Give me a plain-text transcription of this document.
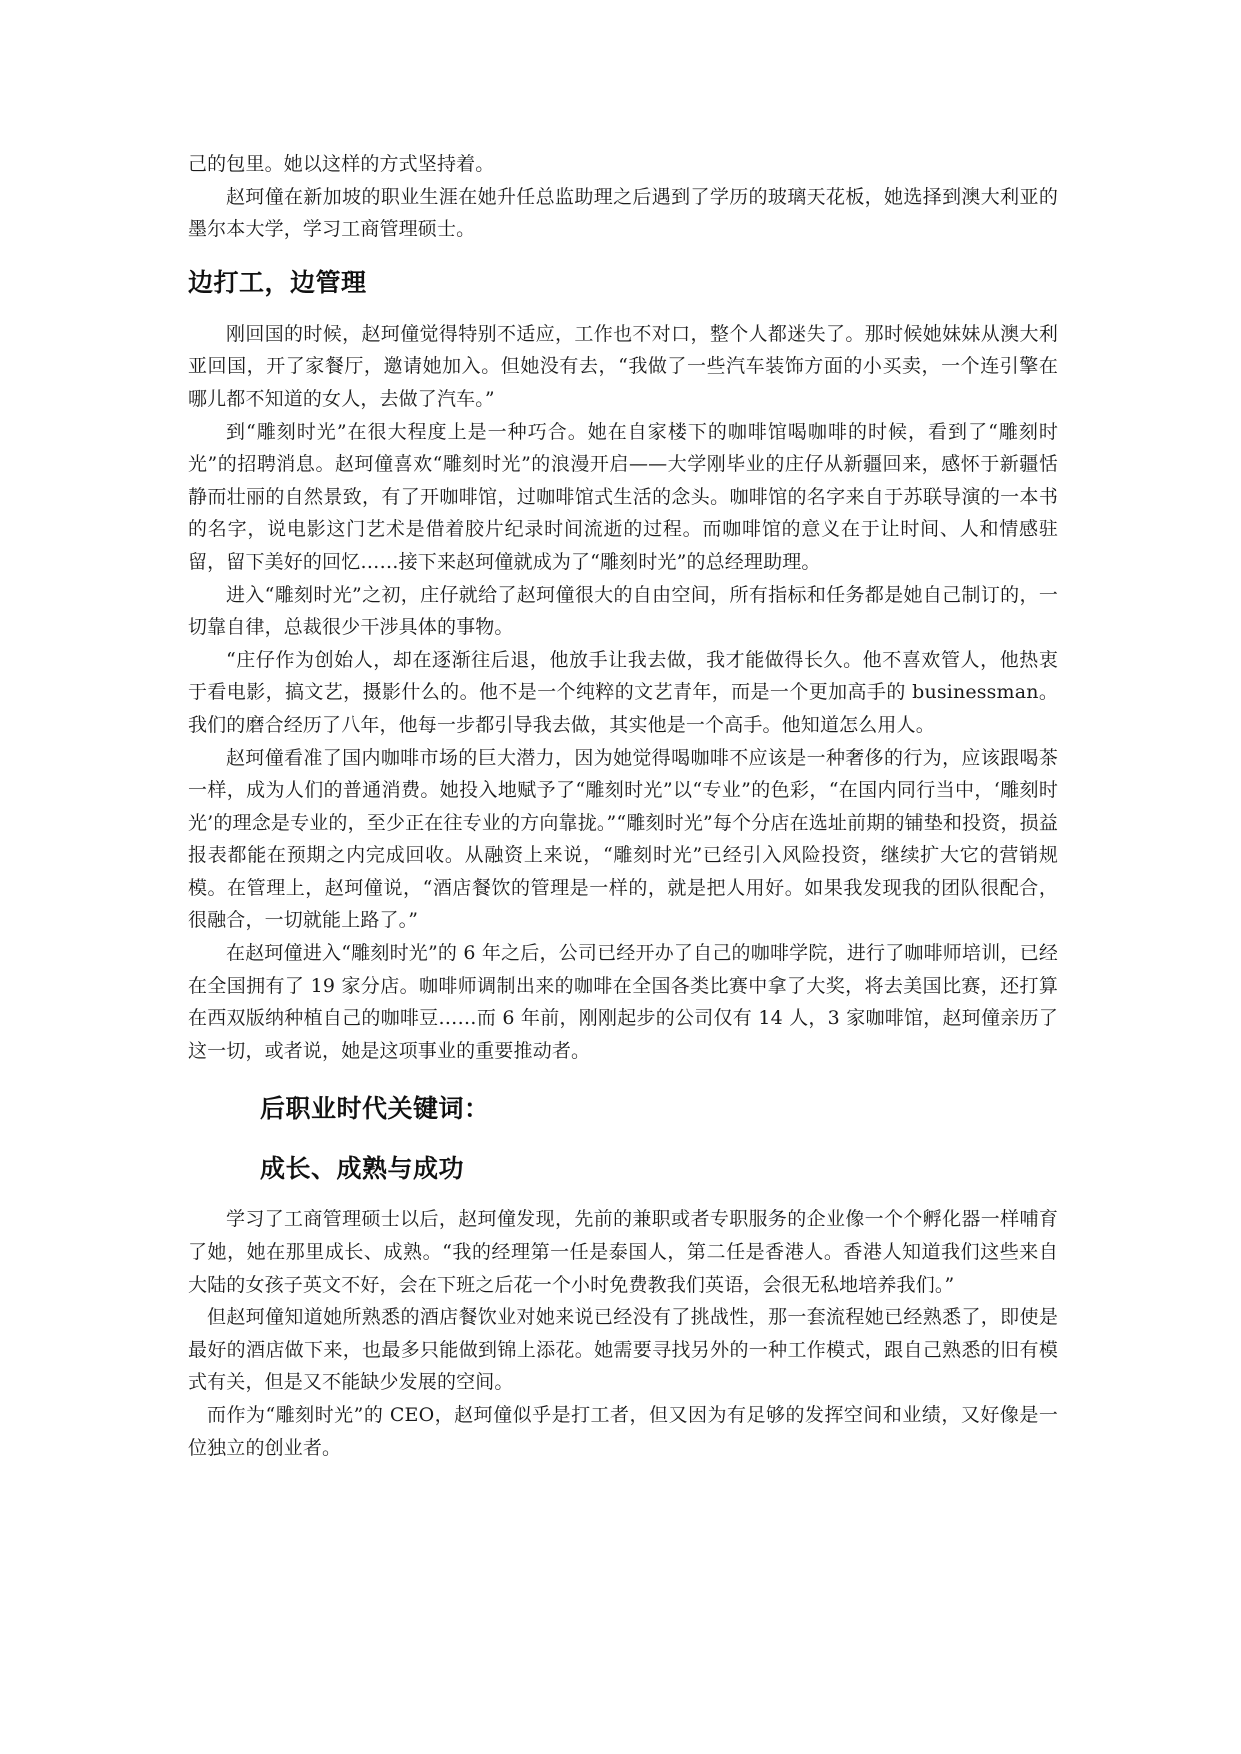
己的包里。她以这样的方式坚持着。

赵珂僮在新加坡的职业生涯在她升任总监助理之后遇到了学历的玻璃天花板，她选择到澳大利亚的墨尔本大学，学习工商管理硕士。

边打工，边管理

刚回国的时候，赵珂僮觉得特别不适应，工作也不对口，整个人都迷失了。那时候她妹妹从澳大利亚回国，开了家餐厅，邀请她加入。但她没有去，“我做了一些汽车装饰方面的小买卖，一个连引擎在哪儿都不知道的女人，去做了汽车。”

到“雕刻时光”在很大程度上是一种巧合。她在自家楼下的咖啡馆喝咖啡的时候，看到了“雕刻时光”的招聘消息。赵珂僮喜欢“雕刻时光”的浪漫开启——大学刚毕业的庄仔从新疆回来，感怀于新疆恬静而壮丽的自然景致，有了开咖啡馆，过咖啡馆式生活的念头。咖啡馆的名字来自于苏联导演的一本书的名字，说电影这门艺术是借着胶片纪录时间流逝的过程。而咖啡馆的意义在于让时间、人和情感驻留，留下美好的回忆……接下来赵珂僮就成为了“雕刻时光”的总经理助理。

进入“雕刻时光”之初，庄仔就给了赵珂僮很大的自由空间，所有指标和任务都是她自己制订的，一切靠自律，总裁很少干涉具体的事物。

“庄仔作为创始人，却在逐渐往后退，他放手让我去做，我才能做得长久。他不喜欢管人，他热衷于看电影，搞文艺，摄影什么的。他不是一个纯粹的文艺青年，而是一个更加高手的 businessman。我们的磨合经历了八年，他每一步都引导我去做，其实他是一个高手。他知道怎么用人。

赵珂僮看准了国内咖啡市场的巨大潜力，因为她觉得喝咖啡不应该是一种奢侈的行为，应该跟喝茶一样，成为人们的普通消费。她投入地赋予了“雕刻时光”以“专业”的色彩，“在国内同行当中，‘雕刻时光’的理念是专业的，至少正在往专业的方向靠拢。”“雕刻时光”每个分店在选址前期的铺垫和投资，损益报表都能在预期之内完成回收。从融资上来说，“雕刻时光”已经引入风险投资，继续扩大它的营销规模。在管理上，赵珂僮说，“酒店餐饮的管理是一样的，就是把人用好。如果我发现我的团队很配合，很融合，一切就能上路了。”

在赵珂僮进入“雕刻时光”的 6 年之后，公司已经开办了自己的咖啡学院，进行了咖啡师培训，已经在全国拥有了 19 家分店。咖啡师调制出来的咖啡在全国各类比赛中拿了大奖，将去美国比赛，还打算在西双版纳种植自己的咖啡豆……而 6 年前，刚刚起步的公司仅有 14 人，3 家咖啡馆，赵珂僮亲历了这一切，或者说，她是这项事业的重要推动者。

后职业时代关键词：
成长、成熟与成功

学习了工商管理硕士以后，赵珂僮发现，先前的兼职或者专职服务的企业像一个个孵化器一样哺育了她，她在那里成长、成熟。“我的经理第一任是泰国人，第二任是香港人。香港人知道我们这些来自大陆的女孩子英文不好，会在下班之后花一个小时免费教我们英语，会很无私地培养我们。”

但赵珂僮知道她所熟悉的酒店餐饮业对她来说已经没有了挑战性，那一套流程她已经熟悉了，即使是最好的酒店做下来，也最多只能做到锦上添花。她需要寻找另外的一种工作模式，跟自己熟悉的旧有模式有关，但是又不能缺少发展的空间。

而作为“雕刻时光”的 CEO，赵珂僮似乎是打工者，但又因为有足够的发挥空间和业绩，又好像是一位独立的创业者。
